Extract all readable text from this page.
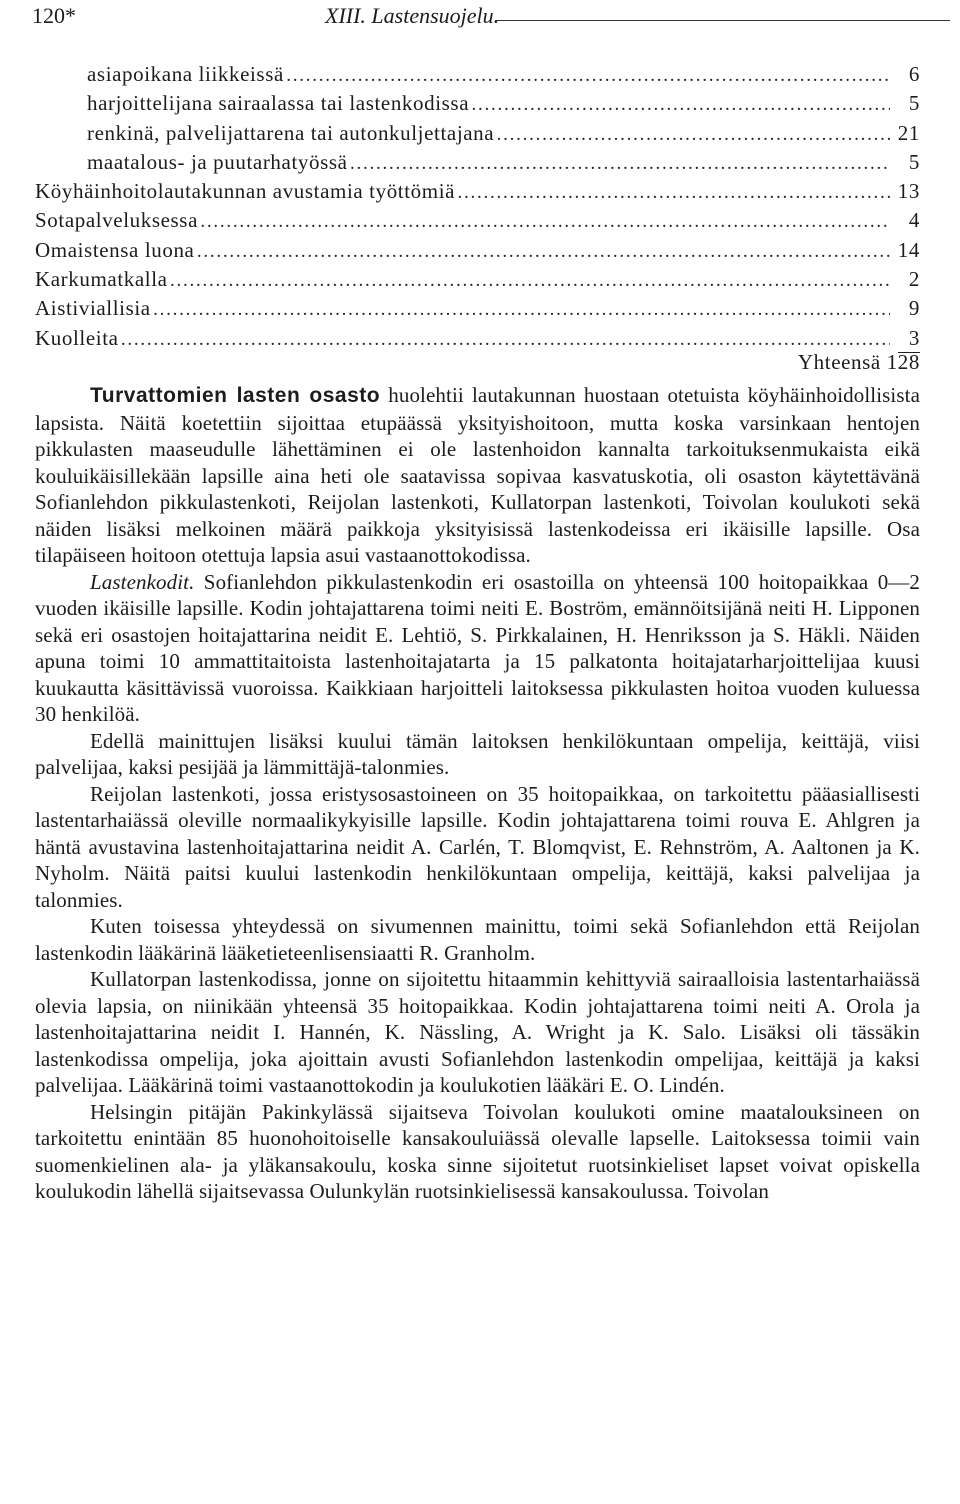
120*	XIII. Lastensuojelu.
asiapoikana liikkeissä .....	6
harjoittelijana sairaalassa tai lastenkodissa .....	5
renkinä, palvelijattarena tai autonkuljettajana .....	21
maatalous- ja puutarhatyössä .....	5
Köyhäinhoitolautakunnan avustamia työttömiä .....	13
Sotapalveluksessa .....	4
Omaistensa luona .....	14
Karkumatkalla .....	2
Aistiviallisia .....	9
Kuolleita .....	3
Yhteensä 128

Turvattomien lasten osasto huolehtii lautakunnan huostaan otetuista köyhäinhoidollisista lapsista. Näitä koetettiin sijoittaa etupäässä yksityishoitoon, mutta koska varsinkaan hentojen pikkulasten maaseudulle lähettäminen ei ole lastenhoidon kannalta tarkoituksenmukaista eikä kouluikäisillekään lapsille aina heti ole saatavissa sopivaa kasvatuskotia, oli osaston käytettävänä Sofianlehdon pikkulastenkoti, Reijolan lastenkoti, Kullatorpan lastenkoti, Toivolan koulukoti sekä näiden lisäksi melkoinen määrä paikkoja yksityisissä lastenkodeissa eri ikäisille lapsille. Osa tilapäiseen hoitoon otettuja lapsia asui vastaanottokodissa.

Lastenkodit. Sofianlehdon pikkulastenkodin eri osastoilla on yhteensä 100 hoitopaikkaa 0—2 vuoden ikäisille lapsille. Kodin johtajattarena toimi neiti E. Boström, emännöitsijänä neiti H. Lipponen sekä eri osastojen hoitajattarina neidit E. Lehtiö, S. Pirkkalainen, H. Henriksson ja S. Häkli. Näiden apuna toimi 10 ammattitaitoista lastenhoitajatarta ja 15 palkatonta hoitajatarharjoittelijaa kuusi kuukautta käsittävissä vuoroissa. Kaikkiaan harjoitteli laitoksessa pikkulasten hoitoa vuoden kuluessa 30 henkilöä.

Edellä mainittujen lisäksi kuului tämän laitoksen henkilökuntaan ompelija, keittäjä, viisi palvelijaa, kaksi pesijää ja lämmittäjä-talonmies.

Reijolan lastenkoti, jossa eristysosastoineen on 35 hoitopaikkaa, on tarkoitettu pääasiallisesti lastentarhaiässä oleville normaalikykyisille lapsille. Kodin johtajattarena toimi rouva E. Ahlgren ja häntä avustavina lastenhoitajattarina neidit A. Carlén, T. Blomqvist, E. Rehnström, A. Aaltonen ja K. Nyholm. Näitä paitsi kuului lastenkodin henkilökuntaan ompelija, keittäjä, kaksi palvelijaa ja talonmies.

Kuten toisessa yhteydessä on sivumennen mainittu, toimi sekä Sofianlehdon että Reijolan lastenkodin lääkärinä lääketieteenlisensiaatti R. Granholm.

Kullatorpan lastenkodissa, jonne on sijoitettu hitaammin kehittyviä sairaalloisia lastentarhaiässä olevia lapsia, on niinikään yhteensä 35 hoitopaikkaa. Kodin johtajattarena toimi neiti A. Orola ja lastenhoitajattarina neidit I. Hannén, K. Nässling, A. Wright ja K. Salo. Lisäksi oli tässäkin lastenkodissa ompelija, joka ajoittain avusti Sofianlehdon lastenkodin ompelijaa, keittäjä ja kaksi palvelijaa. Lääkärinä toimi vastaanottokodin ja koulukotien lääkäri E. O. Lindén.

Helsingin pitäjän Pakinkylässä sijaitseva Toivolan koulukoti omine maatalouksineen on tarkoitettu enintään 85 huonohoitoiselle kansakouluiässä olevalle lapselle. Laitoksessa toimii vain suomenkielinen ala- ja yläkansakoulu, koska sinne sijoitetut ruotsinkieliset lapset voivat opiskella koulukodin lähellä sijaitsevassa Oulunkylän ruotsinkielisessä kansakoulussa. Toivolan
